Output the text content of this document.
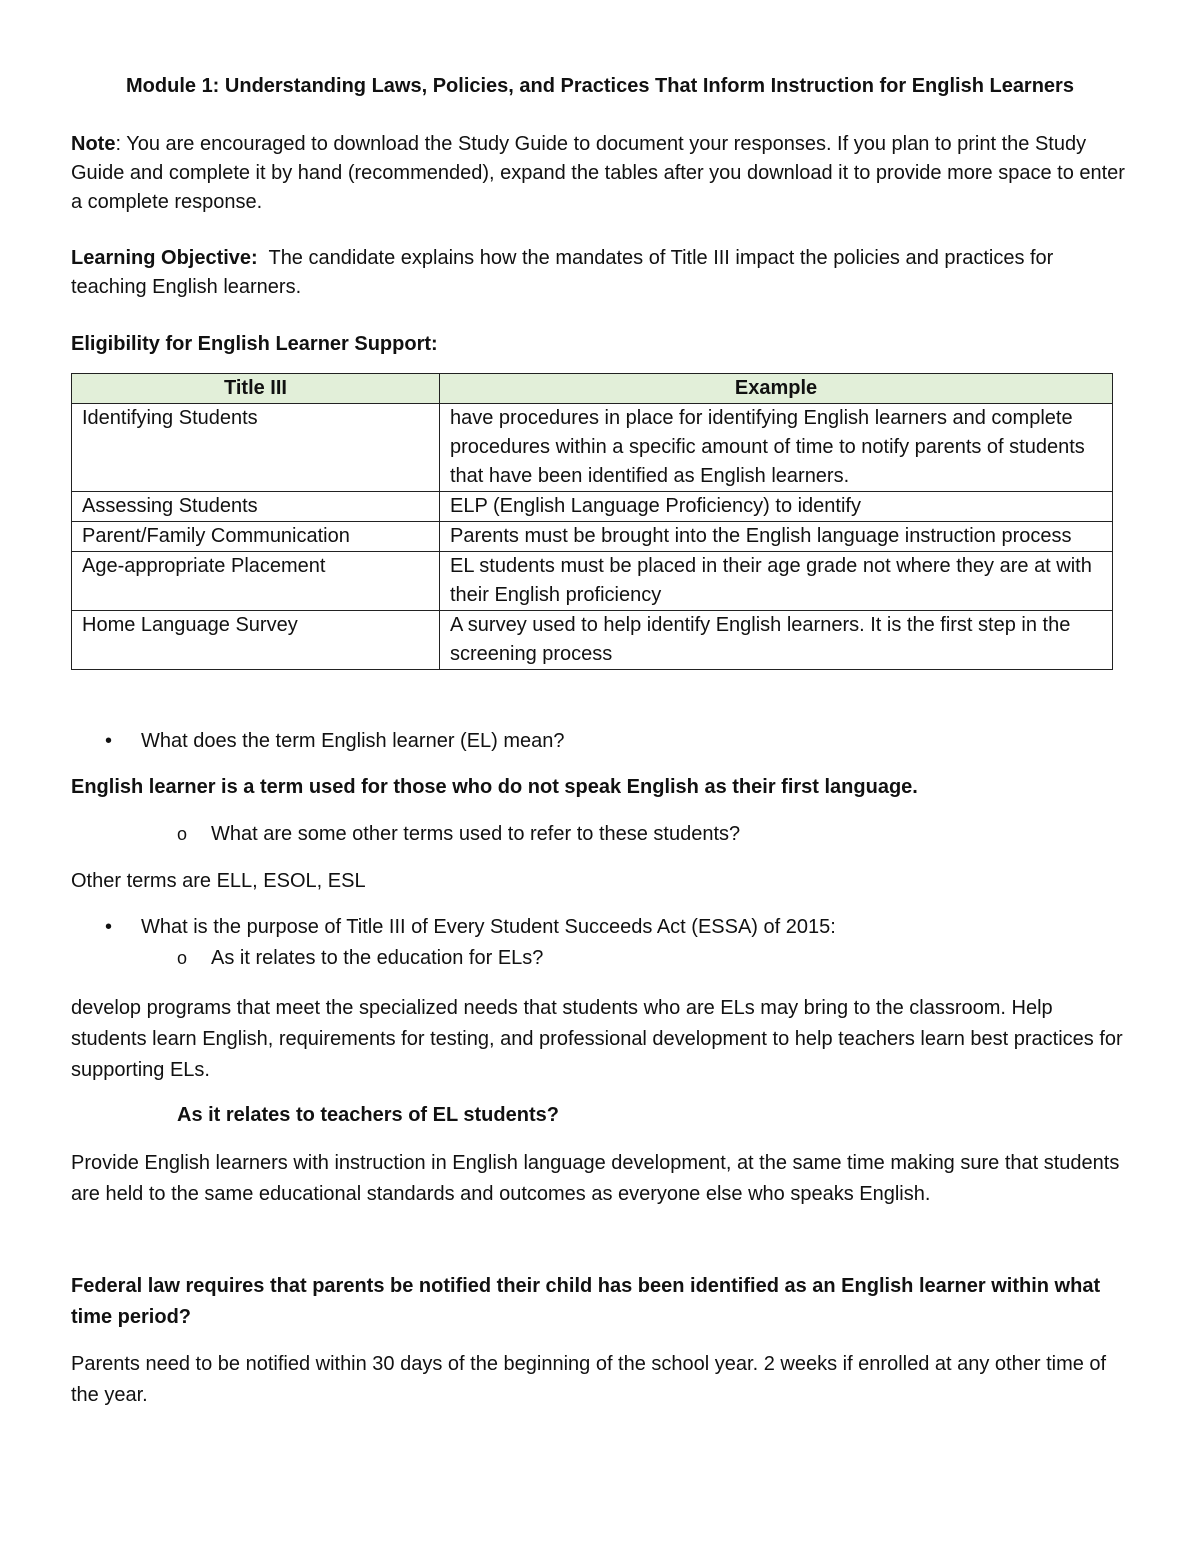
Module 1: Understanding Laws, Policies, and Practices That Inform Instruction for English Learners
Note: You are encouraged to download the Study Guide to document your responses. If you plan to print the Study Guide and complete it by hand (recommended), expand the tables after you download it to provide more space to enter a complete response.
Learning Objective:  The candidate explains how the mandates of Title III impact the policies and practices for teaching English learners.
Eligibility for English Learner Support:
Title III	Example
Identifying Students	have procedures in place for identifying English learners and complete procedures within a specific amount of time to notify parents of students that have been identified as English learners.
Assessing Students	ELP (English Language Proficiency) to identify
Parent/Family Communication	Parents must be brought into the English language instruction process
Age-appropriate Placement	EL students must be placed in their age grade not where they are at with their English proficiency
Home Language Survey	A survey used to help identify English learners. It is the first step in the screening process
•	What does the term English learner (EL) mean?
English learner is a term used for those who do not speak English as their first language.
o	What are some other terms used to refer to these students?
Other terms are ELL, ESOL, ESL
•	What is the purpose of Title III of Every Student Succeeds Act (ESSA) of 2015:
o	As it relates to the education for ELs?
develop programs that meet the specialized needs that students who are ELs may bring to the classroom. Help students learn English, requirements for testing, and professional development to help teachers learn best practices for supporting ELs.
As it relates to teachers of EL students?
Provide English learners with instruction in English language development, at the same time making sure that students are held to the same educational standards and outcomes as everyone else who speaks English.
Federal law requires that parents be notified their child has been identified as an English learner within what time period?
Parents need to be notified within 30 days of the beginning of the school year. 2 weeks if enrolled at any other time of the year.
